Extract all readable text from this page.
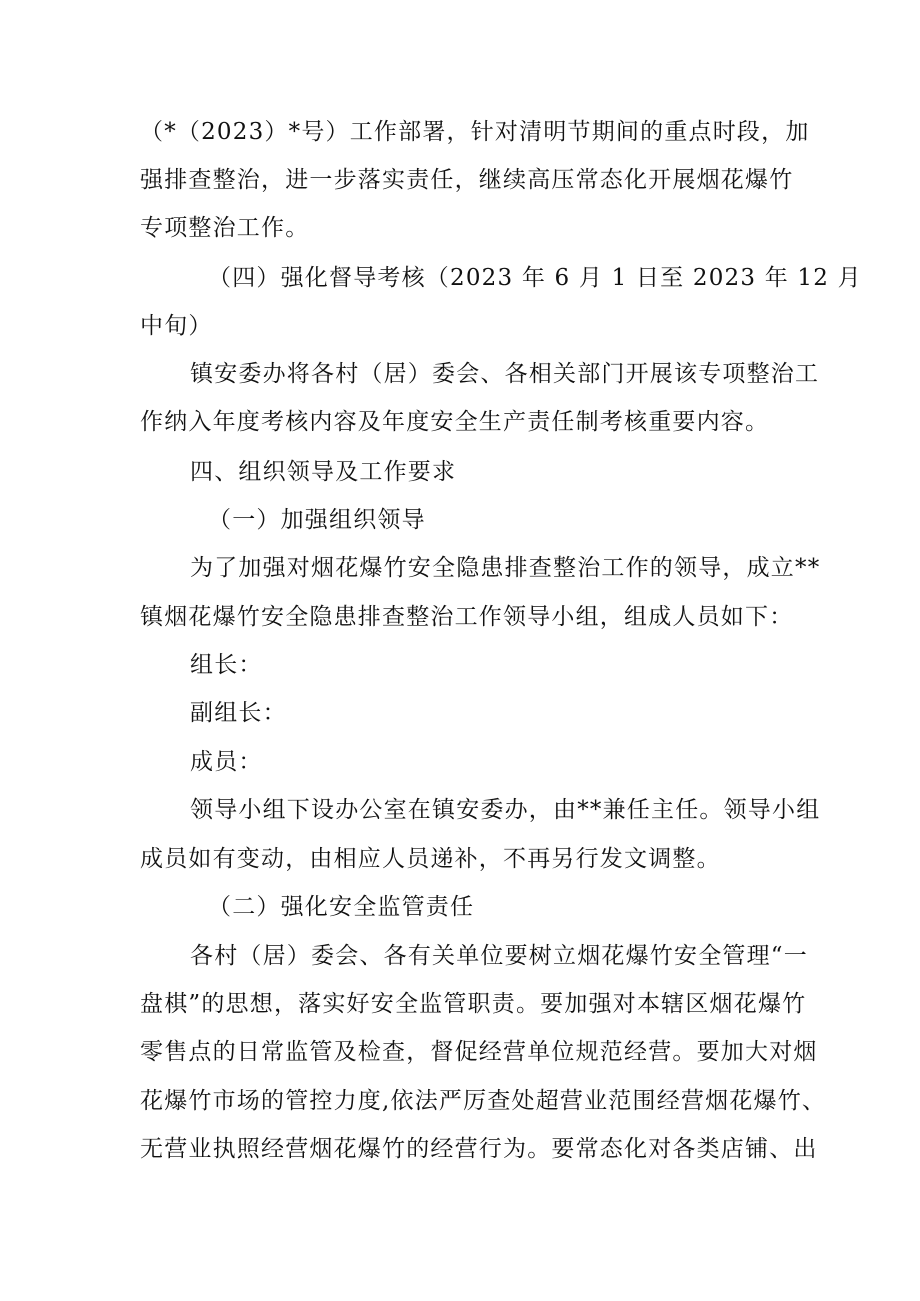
（*（2023）*号）工作部署，针对清明节期间的重点时段，加
强排查整治，进一步落实责任，继续高压常态化开展烟花爆竹
专项整治工作。
（四）强化督导考核（2023 年 6 月 1 日至 2023 年 12 月
中旬）
镇安委办将各村（居）委会、各相关部门开展该专项整治工
作纳入年度考核内容及年度安全生产责任制考核重要内容。
四、组织领导及工作要求
（一）加强组织领导
为了加强对烟花爆竹安全隐患排查整治工作的领导，成立**
镇烟花爆竹安全隐患排查整治工作领导小组，组成人员如下：
组长：
副组长：
成员：
领导小组下设办公室在镇安委办，由**兼任主任。领导小组
成员如有变动，由相应人员递补，不再另行发文调整。
（二）强化安全监管责任
各村（居）委会、各有关单位要树立烟花爆竹安全管理“一
盘棋”的思想，落实好安全监管职责。要加强对本辖区烟花爆竹
零售点的日常监管及检查，督促经营单位规范经营。要加大对烟
花爆竹市场的管控力度,依法严厉查处超营业范围经营烟花爆竹、
无营业执照经营烟花爆竹的经营行为。要常态化对各类店铺、出
